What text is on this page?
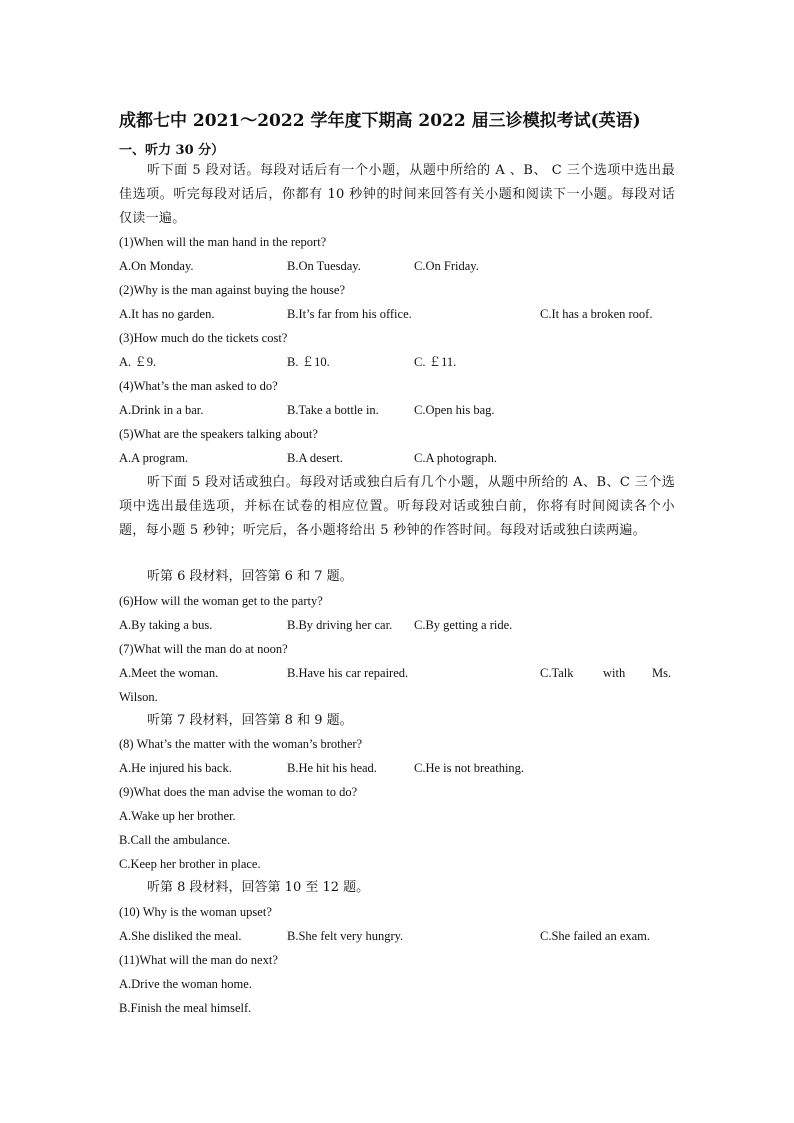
成都七中 2021～2022 学年度下期高 2022 届三诊模拟考试(英语)
一、听力 30 分）
听下面 5 段对话。每段对话后有一个小题，从题中所给的 A 、B、 C 三个选项中选出最佳选项。听完每段对话后，你都有 10 秒钟的时间来回答有关小题和阅读下一小题。每段对话仅读一遍。
(1)When will the man hand in the report?
A.On Monday.	B.On Tuesday.	C.On Friday.
(2)Why is the man against buying the house?
A.It has no garden.	B.It’s far from his office.	C.It has a broken roof.
(3)How much do the tickets cost?
A. ￡9.	B. ￡10.	C. ￡11.
(4)What’s the man asked to do?
A.Drink in a bar.	B.Take a bottle in.	C.Open his bag.
(5)What are the speakers talking about?
A.A program.	B.A desert.	C.A photograph.
听下面 5 段对话或独白。每段对话或独白后有几个小题，从题中所给的 A、B、C 三个选项中选出最佳选项，并标在试卷的相应位置。听每段对话或独白前，你将有时间阅读各个小题，每小题 5 秒钟；听完后，各小题将给出 5 秒钟的作答时间。每段对话或独白读两遍。
听第 6 段材料，回答第 6 和 7 题。
(6)How will the woman get to the party?
A.By taking a bus.	B.By driving her car. C.By getting a ride.
(7)What will the man do at noon?
A.Meet the woman.	B.Have his car repaired.	C.Talk with Ms.
Wilson.
听第 7 段材料，回答第 8 和 9 题。
(8) What’s the matter with the woman’s brother?
A.He injured his back.	B.He hit his head.	C.He is not breathing.
(9)What does the man advise the woman to do?
A.Wake up her brother.
B.Call the ambulance.
C.Keep her brother in place.
听第 8 段材料，回答第 10 至 12 题。
(10) Why is the woman upset?
A.She disliked the meal.	B.She felt very hungry.	C.She failed an exam.
(11)What will the man do next?
A.Drive the woman home.
B.Finish the meal himself.
